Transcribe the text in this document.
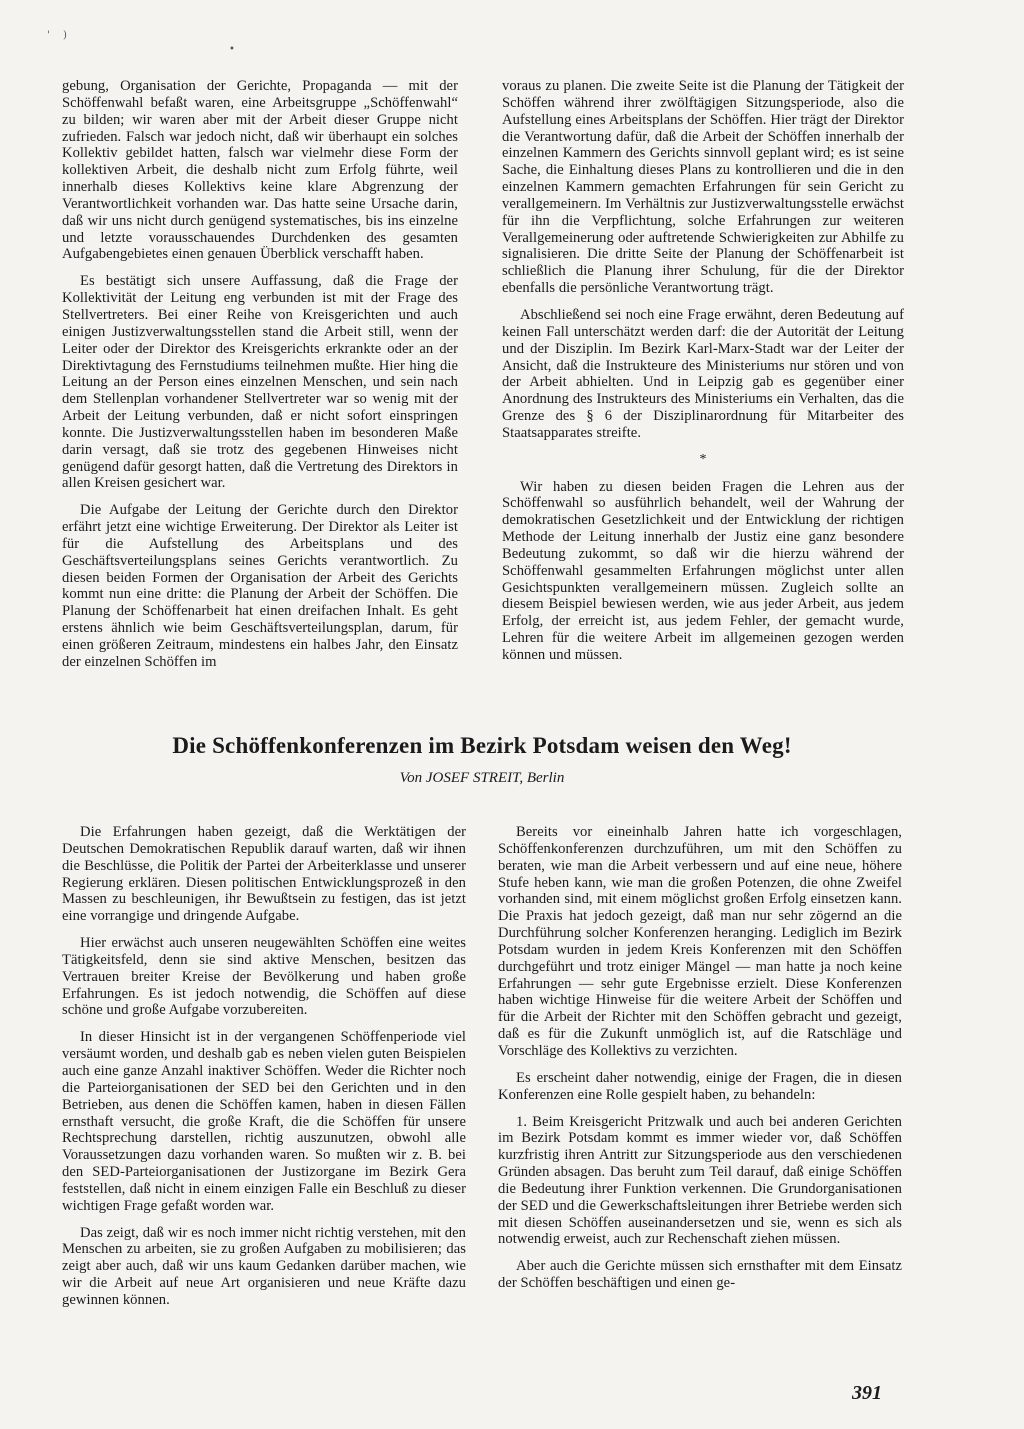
' )
•

gebung, Organisation der Gerichte, Propaganda — mit der Schöffenwahl befaßt waren, eine Arbeitsgruppe „Schöffenwahl“ zu bilden; wir waren aber mit der Arbeit dieser Gruppe nicht zufrieden. Falsch war jedoch nicht, daß wir überhaupt ein solches Kollektiv gebildet hatten, falsch war vielmehr diese Form der kollektiven Arbeit, die deshalb nicht zum Erfolg führte, weil innerhalb dieses Kollektivs keine klare Abgrenzung der Verantwortlichkeit vorhanden war. Das hatte seine Ursache darin, daß wir uns nicht durch genügend systematisches, bis ins einzelne und letzte vorausschauendes Durchdenken des gesamten Aufgabengebietes einen genauen Überblick verschafft haben.

Es bestätigt sich unsere Auffassung, daß die Frage der Kollektivität der Leitung eng verbunden ist mit der Frage des Stellvertreters. Bei einer Reihe von Kreisgerichten und auch einigen Justizverwaltungsstellen stand die Arbeit still, wenn der Leiter oder der Direktor des Kreisgerichts erkrankte oder an der Direktivtagung des Fernstudiums teilnehmen mußte. Hier hing die Leitung an der Person eines einzelnen Menschen, und sein nach dem Stellenplan vorhandener Stellvertreter war so wenig mit der Arbeit der Leitung verbunden, daß er nicht sofort einspringen konnte. Die Justizverwaltungsstellen haben im besonderen Maße darin versagt, daß sie trotz des gegebenen Hinweises nicht genügend dafür gesorgt hatten, daß die Vertretung des Direktors in allen Kreisen gesichert war.

Die Aufgabe der Leitung der Gerichte durch den Direktor erfährt jetzt eine wichtige Erweiterung. Der Direktor als Leiter ist für die Aufstellung des Arbeitsplans und des Geschäftsverteilungsplans seines Gerichts verantwortlich. Zu diesen beiden Formen der Organisation der Arbeit des Gerichts kommt nun eine dritte: die Planung der Arbeit der Schöffen. Die Planung der Schöffenarbeit hat einen dreifachen Inhalt. Es geht erstens ähnlich wie beim Geschäftsverteilungsplan, darum, für einen größeren Zeitraum, mindestens ein halbes Jahr, den Einsatz der einzelnen Schöffen im

voraus zu planen. Die zweite Seite ist die Planung der Tätigkeit der Schöffen während ihrer zwölftägigen Sitzungsperiode, also die Aufstellung eines Arbeitsplans der Schöffen. Hier trägt der Direktor die Verantwortung dafür, daß die Arbeit der Schöffen innerhalb der einzelnen Kammern des Gerichts sinnvoll geplant wird; es ist seine Sache, die Einhaltung dieses Plans zu kontrollieren und die in den einzelnen Kammern gemachten Erfahrungen für sein Gericht zu verallgemeinern. Im Verhältnis zur Justizverwaltungsstelle erwächst für ihn die Verpflichtung, solche Erfahrungen zur weiteren Verallgemeinerung oder auftretende Schwierigkeiten zur Abhilfe zu signalisieren. Die dritte Seite der Planung der Schöffenarbeit ist schließlich die Planung ihrer Schulung, für die der Direktor ebenfalls die persönliche Verantwortung trägt.

Abschließend sei noch eine Frage erwähnt, deren Bedeutung auf keinen Fall unterschätzt werden darf: die der Autorität der Leitung und der Disziplin. Im Bezirk Karl-Marx-Stadt war der Leiter der Ansicht, daß die Instrukteure des Ministeriums nur stören und von der Arbeit abhielten. Und in Leipzig gab es gegenüber einer Anordnung des Instrukteurs des Ministeriums ein Verhalten, das die Grenze des § 6 der Disziplinarordnung für Mitarbeiter des Staatsapparates streifte.

*

Wir haben zu diesen beiden Fragen die Lehren aus der Schöffenwahl so ausführlich behandelt, weil der Wahrung der demokratischen Gesetzlichkeit und der Entwicklung der richtigen Methode der Leitung innerhalb der Justiz eine ganz besondere Bedeutung zukommt, so daß wir die hierzu während der Schöffenwahl gesammelten Erfahrungen möglichst unter allen Gesichtspunkten verallgemeinern müssen. Zugleich sollte an diesem Beispiel bewiesen werden, wie aus jeder Arbeit, aus jedem Erfolg, der erreicht ist, aus jedem Fehler, der gemacht wurde, Lehren für die weitere Arbeit im allgemeinen gezogen werden können und müssen.

Die Schöffenkonferenzen im Bezirk Potsdam weisen den Weg!
Von JOSEF STREIT, Berlin

Die Erfahrungen haben gezeigt, daß die Werktätigen der Deutschen Demokratischen Republik darauf warten, daß wir ihnen die Beschlüsse, die Politik der Partei der Arbeiterklasse und unserer Regierung erklären. Diesen politischen Entwicklungsprozeß in den Massen zu beschleunigen, ihr Bewußtsein zu festigen, das ist jetzt eine vorrangige und dringende Aufgabe.

Hier erwächst auch unseren neugewählten Schöffen eine weites Tätigkeitsfeld, denn sie sind aktive Menschen, besitzen das Vertrauen breiter Kreise der Bevölkerung und haben große Erfahrungen. Es ist jedoch notwendig, die Schöffen auf diese schöne und große Aufgabe vorzubereiten.

In dieser Hinsicht ist in der vergangenen Schöffenperiode viel versäumt worden, und deshalb gab es neben vielen guten Beispielen auch eine ganze Anzahl inaktiver Schöffen. Weder die Richter noch die Parteiorganisationen der SED bei den Gerichten und in den Betrieben, aus denen die Schöffen kamen, haben in diesen Fällen ernsthaft versucht, die große Kraft, die die Schöffen für unsere Rechtsprechung darstellen, richtig auszunutzen, obwohl alle Voraussetzungen dazu vorhanden waren. So mußten wir z. B. bei den SED-Parteiorganisationen der Justizorgane im Bezirk Gera feststellen, daß nicht in einem einzigen Falle ein Beschluß zu dieser wichtigen Frage gefaßt worden war.

Das zeigt, daß wir es noch immer nicht richtig verstehen, mit den Menschen zu arbeiten, sie zu großen Aufgaben zu mobilisieren; das zeigt aber auch, daß wir uns kaum Gedanken darüber machen, wie wir die Arbeit auf neue Art organisieren und neue Kräfte dazu gewinnen können.

Bereits vor eineinhalb Jahren hatte ich vorgeschlagen, Schöffenkonferenzen durchzuführen, um mit den Schöffen zu beraten, wie man die Arbeit verbessern und auf eine neue, höhere Stufe heben kann, wie man die großen Potenzen, die ohne Zweifel vorhanden sind, mit einem möglichst großen Erfolg einsetzen kann. Die Praxis hat jedoch gezeigt, daß man nur sehr zögernd an die Durchführung solcher Konferenzen heranging. Lediglich im Bezirk Potsdam wurden in jedem Kreis Konferenzen mit den Schöffen durchgeführt und trotz einiger Mängel — man hatte ja noch keine Erfahrungen — sehr gute Ergebnisse erzielt. Diese Konferenzen haben wichtige Hinweise für die weitere Arbeit der Schöffen und für die Arbeit der Richter mit den Schöffen gebracht und gezeigt, daß es für die Zukunft unmöglich ist, auf die Ratschläge und Vorschläge des Kollektivs zu verzichten.

Es erscheint daher notwendig, einige der Fragen, die in diesen Konferenzen eine Rolle gespielt haben, zu behandeln:

1. Beim Kreisgericht Pritzwalk und auch bei anderen Gerichten im Bezirk Potsdam kommt es immer wieder vor, daß Schöffen kurzfristig ihren Antritt zur Sitzungsperiode aus den verschiedenen Gründen absagen. Das beruht zum Teil darauf, daß einige Schöffen die Bedeutung ihrer Funktion verkennen. Die Grundorganisationen der SED und die Gewerkschaftsleitungen ihrer Betriebe werden sich mit diesen Schöffen auseinandersetzen und sie, wenn es sich als notwendig erweist, auch zur Rechenschaft ziehen müssen.

Aber auch die Gerichte müssen sich ernsthafter mit dem Einsatz der Schöffen beschäftigen und einen ge-

391
